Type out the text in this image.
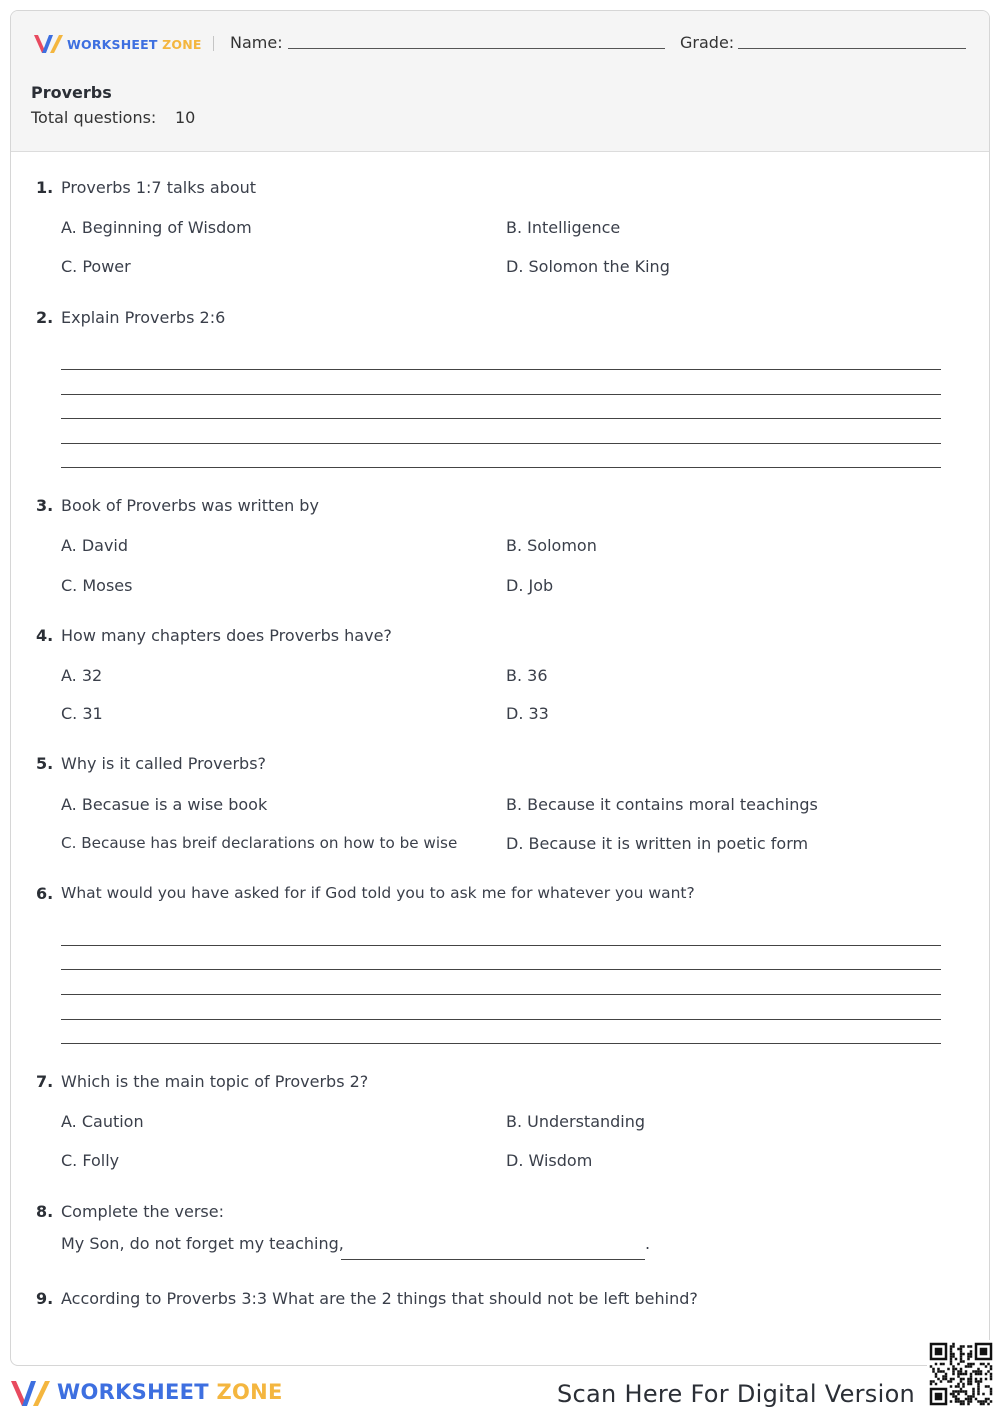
WORKSHEET ZONE Name:	Grade:
Proverbs
Total questions: 10
1. Proverbs 1:7 talks about
A. Beginning of Wisdom	B. Intelligence
C. Power	D. Solomon the King
2. Explain Proverbs 2:6
3. Book of Proverbs was written by
A. David	B. Solomon
C. Moses	D. Job
4. How many chapters does Proverbs have?
A. 32	B. 36
C. 31	D. 33
5. Why is it called Proverbs?
A. Becasue is a wise book	B. Because it contains moral teachings
C. Because has breif declarations on how to be wise	D. Because it is written in poetic form
6. What would you have asked for if God told you to ask me for whatever you want?
7. Which is the main topic of Proverbs 2?
A. Caution	B. Understanding
C. Folly	D. Wisdom
8. Complete the verse:
My Son, do not forget my teaching,	.
9. According to Proverbs 3:3 What are the 2 things that should not be left behind?
WORKSHEET ZONE	Scan Here For Digital Version
